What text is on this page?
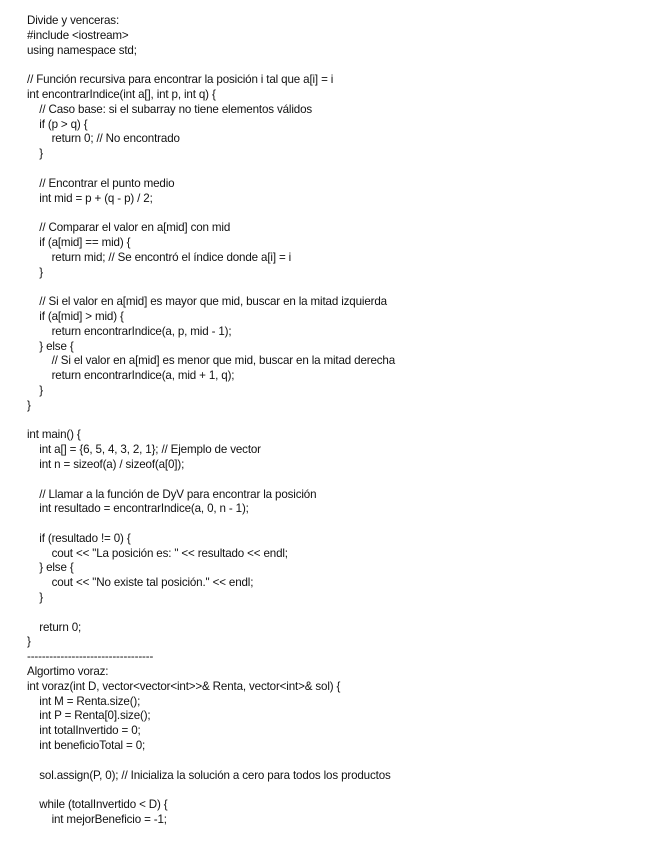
Divide y venceras:
#include <iostream>
using namespace std;
// Función recursiva para encontrar la posición i tal que a[i] = i
int encontrarIndice(int a[], int p, int q) {
// Caso base: si el subarray no tiene elementos válidos
if (p > q) {
return 0; // No encontrado
}
// Encontrar el punto medio
int mid = p + (q - p) / 2;
// Comparar el valor en a[mid] con mid
if (a[mid] == mid) {
return mid; // Se encontró el índice donde a[i] = i
}
// Si el valor en a[mid] es mayor que mid, buscar en la mitad izquierda
if (a[mid] > mid) {
return encontrarIndice(a, p, mid - 1);
} else {
// Si el valor en a[mid] es menor que mid, buscar en la mitad derecha
return encontrarIndice(a, mid + 1, q);
}
}
int main() {
int a[] = {6, 5, 4, 3, 2, 1}; // Ejemplo de vector
int n = sizeof(a) / sizeof(a[0]);
// Llamar a la función de DyV para encontrar la posición
int resultado = encontrarIndice(a, 0, n - 1);
if (resultado != 0) {
cout << "La posición es: " << resultado << endl;
} else {
cout << "No existe tal posición." << endl;
}
return 0;
}
----------------------------------
Algortimo voraz:
int voraz(int D, vector<vector<int>>& Renta, vector<int>& sol) {
int M = Renta.size();
int P = Renta[0].size();
int totalInvertido = 0;
int beneficioTotal = 0;
sol.assign(P, 0); // Inicializa la solución a cero para todos los productos
while (totalInvertido < D) {
int mejorBeneficio = -1;
